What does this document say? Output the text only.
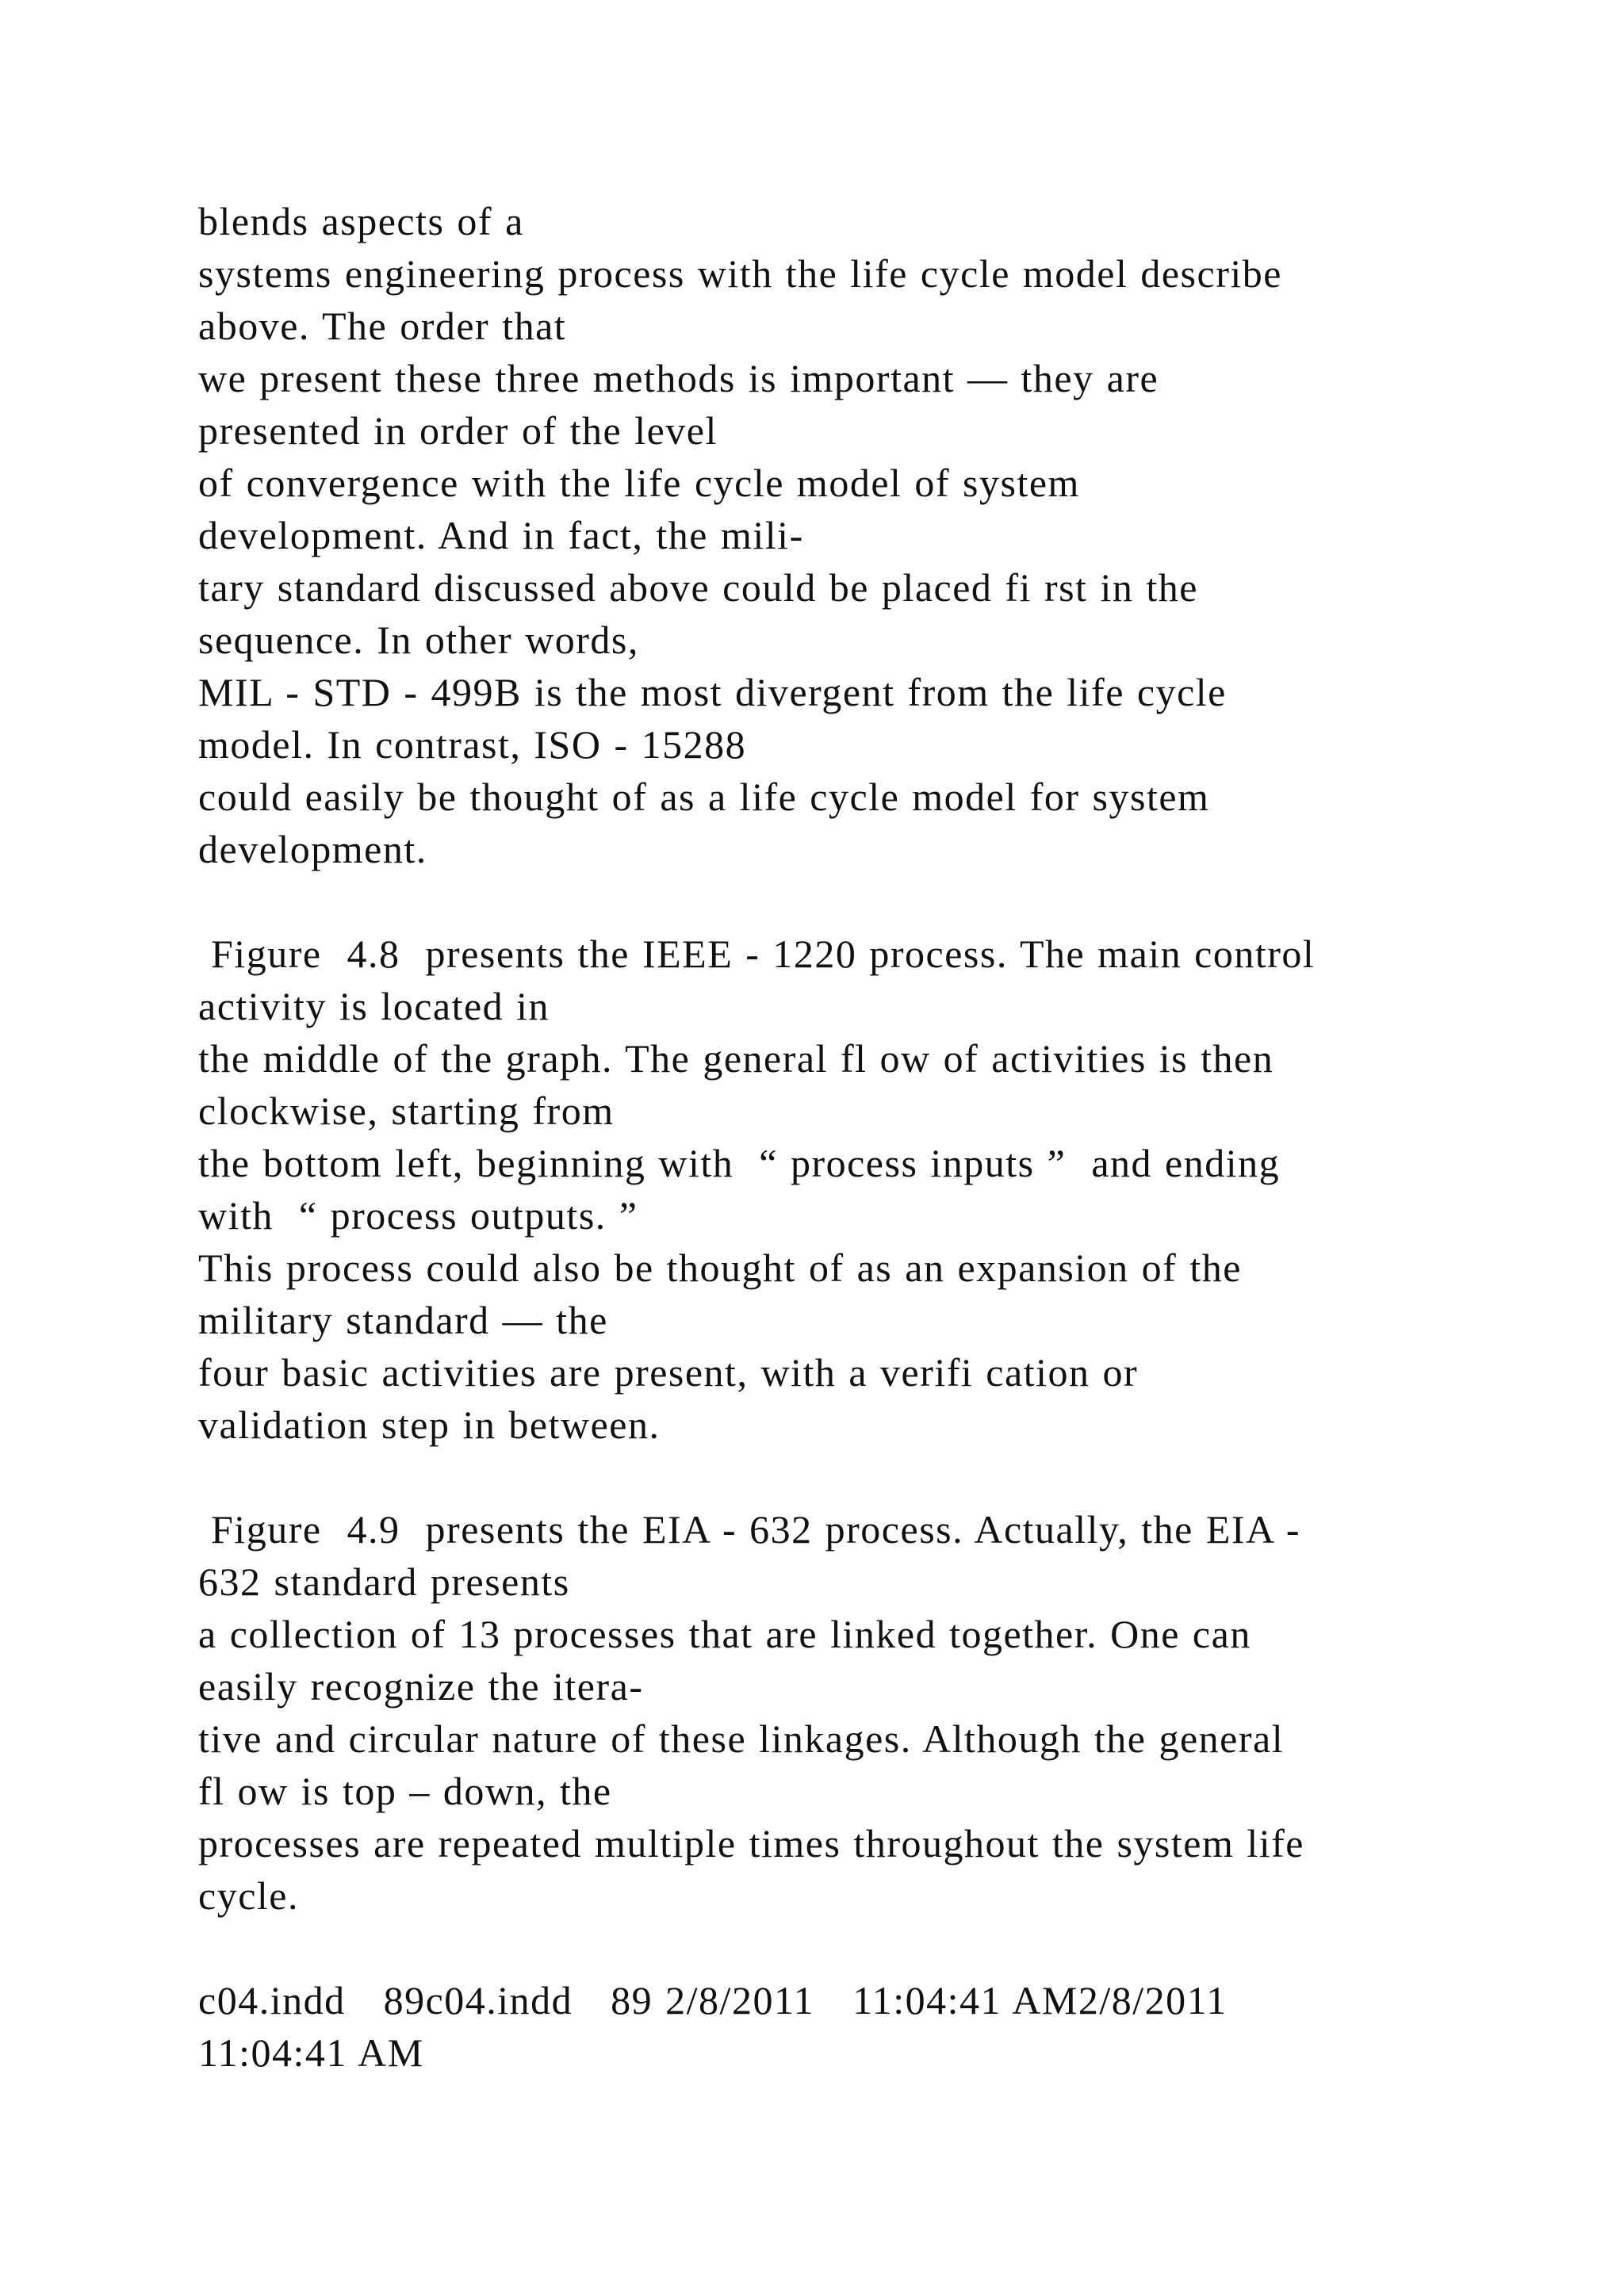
blends aspects of a
systems engineering process with the life cycle model describe
above. The order that
we present these three methods is important — they are
presented in order of the level
of convergence with the life cycle model of system
development. And in fact, the mili-
tary standard discussed above could be placed fi rst in the
sequence. In other words,
MIL - STD - 499B is the most divergent from the life cycle
model. In contrast, ISO - 15288
could easily be thought of as a life cycle model for system
development.
Figure  4.8  presents the IEEE - 1220 process. The main control
activity is located in
the middle of the graph. The general fl ow of activities is then
clockwise, starting from
the bottom left, beginning with  “ process inputs ”  and ending
with  “ process outputs. ”
This process could also be thought of as an expansion of the
military standard — the
four basic activities are present, with a verifi cation or
validation step in between.
Figure  4.9  presents the EIA - 632 process. Actually, the EIA -
632 standard presents
a collection of 13 processes that are linked together. One can
easily recognize the itera-
tive and circular nature of these linkages. Although the general
fl ow is top – down, the
processes are repeated multiple times throughout the system life
cycle.
c04.indd   89c04.indd   89 2/8/2011   11:04:41 AM2/8/2011
11:04:41 AM
